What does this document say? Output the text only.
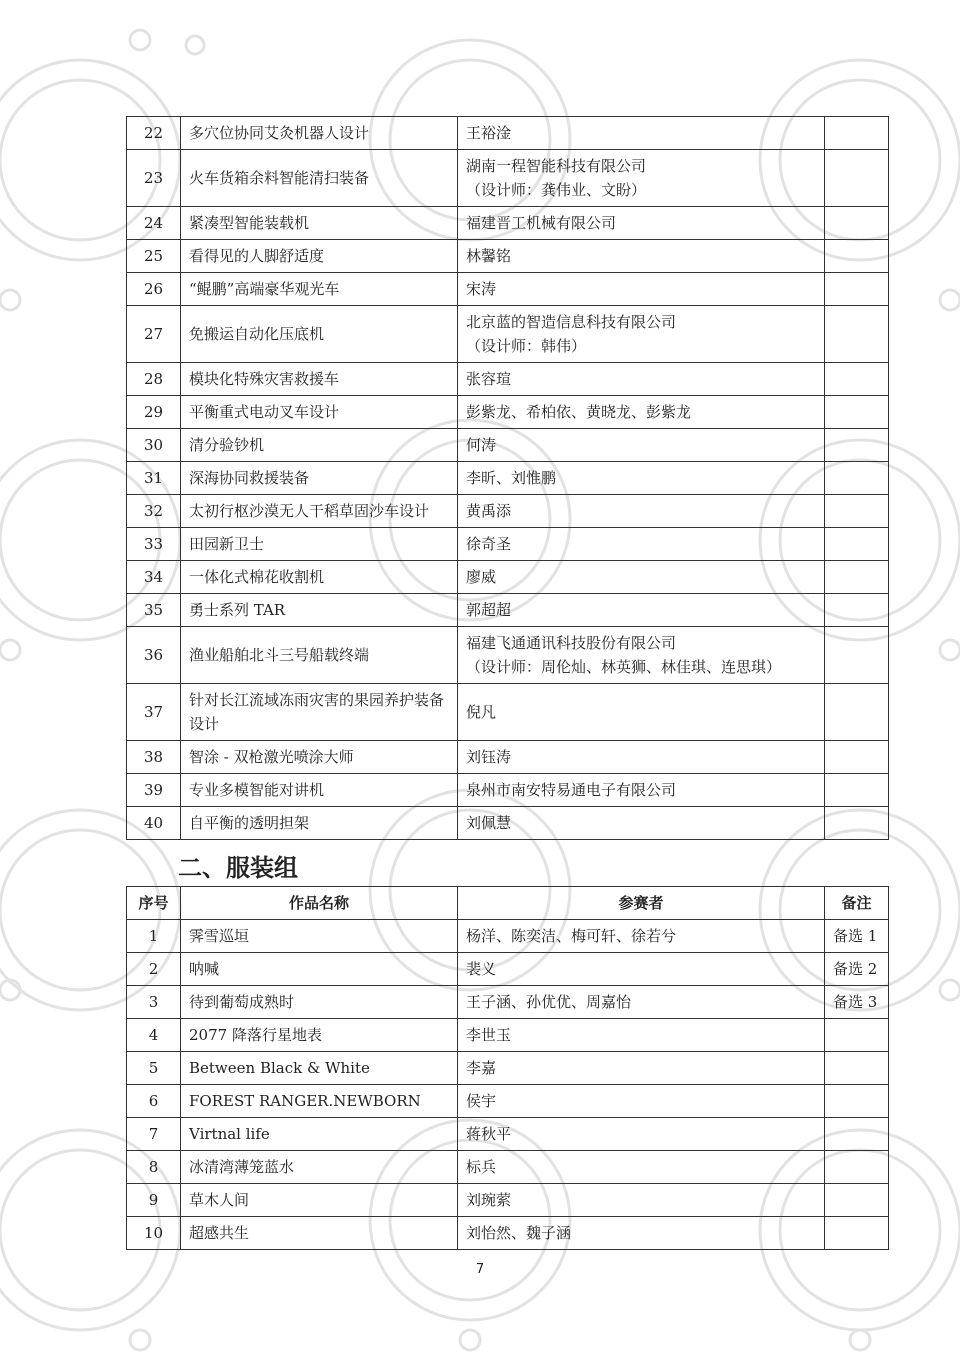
22	多穴位协同艾灸机器人设计	王裕淦	

23	火车货箱余料智能清扫装备	湖南一程智能科技有限公司
（设计师：龚伟业、文盼）	

24	紧凑型智能装载机	福建晋工机械有限公司	

25	看得见的人脚舒适度	林馨铭	

26	“鲲鹏”高端豪华观光车	宋涛	

27	免搬运自动化压底机	北京蓝的智造信息科技有限公司
（设计师：韩伟）	

28	模块化特殊灾害救援车	张容瑄	

29	平衡重式电动叉车设计	彭紫龙、希柏依、黄晓龙、彭紫龙	

30	清分验钞机	何涛	

31	深海协同救援装备	李昕、刘惟鹏	

32	太初行枢沙漠无人干稻草固沙车设计	黄禹添	

33	田园新卫士	徐奇圣	

34	一体化式棉花收割机	廖威	

35	勇士系列 TAR	郭超超	

36	渔业船舶北斗三号船载终端	福建飞通通讯科技股份有限公司
（设计师：周伦灿、林英狮、林佳琪、连思琪）	

37	针对长江流域冻雨灾害的果园养护装备设计	倪凡	

38	智涂 - 双枪激光喷涂大师	刘钰涛	

39	专业多模智能对讲机	泉州市南安特易通电子有限公司	

40	自平衡的透明担架	刘佩慧	

二、服装组
序号	作品名称	参赛者	备注
1	霁雪巡垣	杨洋、陈奕洁、梅可轩、徐若兮	备选 1
2	呐喊	裴义	备选 2
3	待到葡萄成熟时	王子涵、孙优优、周嘉怡	备选 3
4	2077 降落行星地表	李世玉	

5	Between Black & White	李嘉	

6	FOREST RANGER.NEWBORN	侯宇	

7	Virtnal life	蒋秋平	

8	冰清湾薄笼蓝水	标兵	

9	草木人间	刘琬萦	

10	超感共生	刘怡然、魏子涵	

7
